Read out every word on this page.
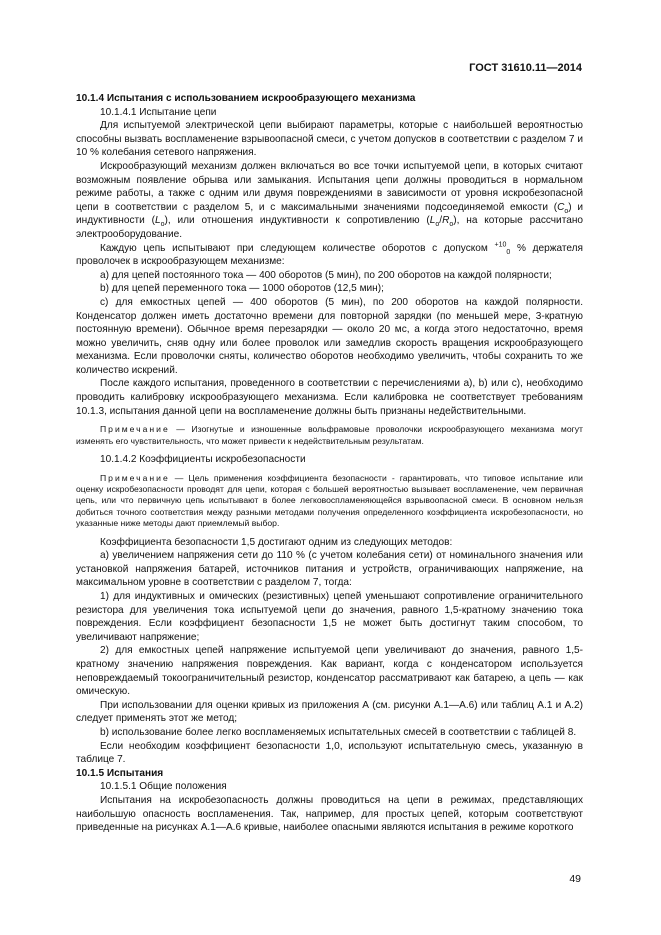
ГОСТ 31610.11—2014

10.1.4 Испытания с использованием искрообразующего механизма

10.1.4.1 Испытание цепи

Для испытуемой электрической цепи выбирают параметры, которые с наибольшей вероятностью способны вызвать воспламенение взрывоопасной смеси, с учетом допусков в соответствии с разделом 7 и 10 % колебания сетевого напряжения.

Искрообразующий механизм должен включаться во все точки испытуемой цепи, в которых считают возможным появление обрыва или замыкания. Испытания цепи должны проводиться в нормальном режиме работы, а также с одним или двумя повреждениями в зависимости от уровня искробезопасной цепи в соответствии с разделом 5, и с максимальными значениями подсоединяемой емкости $(C_o)$ и индуктивности $(L_o)$, или отношения индуктивности к сопротивлению $(L_o/R_o)$, на которые рассчитано электрооборудование.

Каждую цепь испытывают при следующем количестве оборотов с допуском $^{+10}_0$ % держателя проволочек в искрообразующем механизме:

а) для цепей постоянного тока — 400 оборотов (5 мин), по 200 оборотов на каждой полярности;

b) для цепей переменного тока — 1000 оборотов (12,5 мин);

c) для емкостных цепей — 400 оборотов (5 мин), по 200 оборотов на каждой полярности. Конденсатор должен иметь достаточно времени для повторной зарядки (по меньшей мере, 3-кратную постоянную времени). Обычное время перезарядки — около 20 мс, а когда этого недостаточно, время можно увеличить, сняв одну или более проволок или замедлив скорость вращения искрообразующего механизма. Если проволочки сняты, количество оборотов необходимо увеличить, чтобы сохранить то же количество искрений.

После каждого испытания, проведенного в соответствии с перечислениями а), b) или с), необходимо проводить калибровку искрообразующего механизма. Если калибровка не соответствует требованиям 10.1.3, испытания данной цепи на воспламенение должны быть признаны недействительными.

Примечание — Изогнутые и изношенные вольфрамовые проволочки искрообразующего механизма могут изменять его чувствительность, что может привести к недействительным результатам.

10.1.4.2 Коэффициенты искробезопасности

Примечание — Цель применения коэффициента безопасности - гарантировать, что типовое испытание или оценку искробезопасности проводят для цепи, которая с большей вероятностью вызывает воспламенение, чем первичная цепь, или что первичную цепь испытывают в более легковоспламеняющейся взрывоопасной смеси. В основном нельзя добиться точного соответствия между разными методами получения определенного коэффициента искробезопасности, но указанные ниже методы дают приемлемый выбор.

Коэффициента безопасности 1,5 достигают одним из следующих методов:

а) увеличением напряжения сети до 110 % (с учетом колебания сети) от номинального значения или установкой напряжения батарей, источников питания и устройств, ограничивающих напряжение, на максимальном уровне в соответствии с разделом 7, тогда:

1) для индуктивных и омических (резистивных) цепей уменьшают сопротивление ограничительного резистора для увеличения тока испытуемой цепи до значения, равного 1,5-кратному значению тока повреждения. Если коэффициент безопасности 1,5 не может быть достигнут таким способом, то увеличивают напряжение;

2) для емкостных цепей напряжение испытуемой цепи увеличивают до значения, равного 1,5-кратному значению напряжения повреждения. Как вариант, когда с конденсатором используется неповреждаемый токоограничительный резистор, конденсатор рассматривают как батарею, а цепь — как омическую.

При использовании для оценки кривых из приложения А (см. рисунки А.1—А.6) или таблиц А.1 и А.2) следует применять этот же метод;

b) использование более легко воспламеняемых испытательных смесей в соответствии с таблицей 8.

Если необходим коэффициент безопасности 1,0, используют испытательную смесь, указанную в таблице 7.

10.1.5 Испытания

10.1.5.1 Общие положения

Испытания на искробезопасность должны проводиться на цепи в режимах, представляющих наибольшую опасность воспламенения. Так, например, для простых цепей, которым соответствуют приведенные на рисунках А.1—А.6 кривые, наиболее опасными являются испытания в режиме короткого

49
